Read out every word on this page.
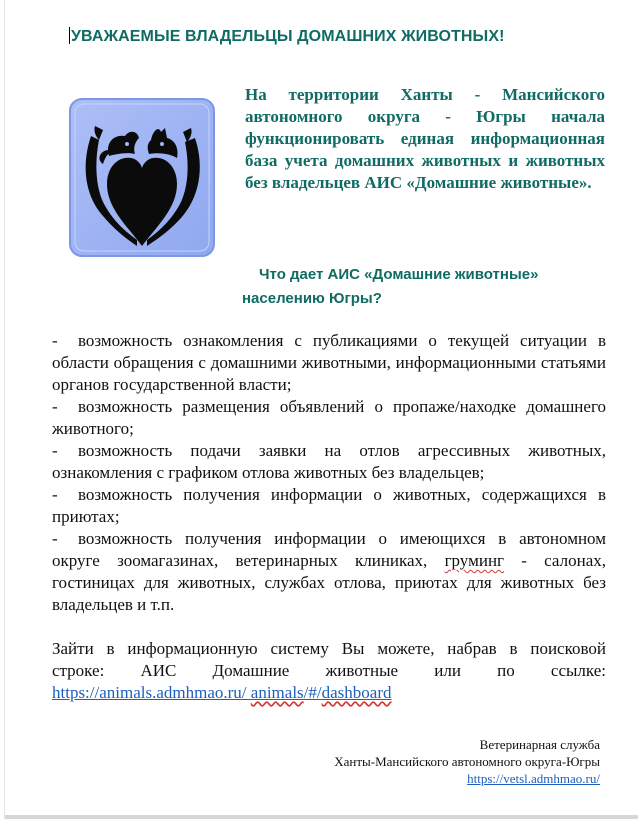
УВАЖАЕМЫЕ ВЛАДЕЛЬЦЫ ДОМАШНИХ ЖИВОТНЫХ!

На территории Ханты - Мансийского автономного округа - Югры начала функционировать единая информационная база учета домашних животных и животных без владельцев АИС «Домашние животные».

Что дает АИС «Домашние животные»
населению Югры?

- возможность ознакомления с публикациями о текущей ситуации в области обращения с домашними животными, информационными статьями органов государственной власти;
- возможность размещения объявлений о пропаже/находке домашнего животного;
- возможность подачи заявки на отлов агрессивных животных, ознакомления с графиком отлова животных без владельцев;
- возможность получения информации о животных, содержащихся в приютах;
- возможность получения информации о имеющихся в автономном округе зоомагазинах, ветеринарных клиниках, груминг - салонах, гостиницах для животных, службах отлова, приютах для животных без владельцев и т.п.

Зайти в информационную систему Вы можете, набрав в поисковой
строке: АИС Домашние животные или по ссылке:
https://animals.admhmao.ru/ animals/#/dashboard

Ветеринарная служба
Ханты-Мансийского автономного округа-Югры
https://vetsl.admhmao.ru/
